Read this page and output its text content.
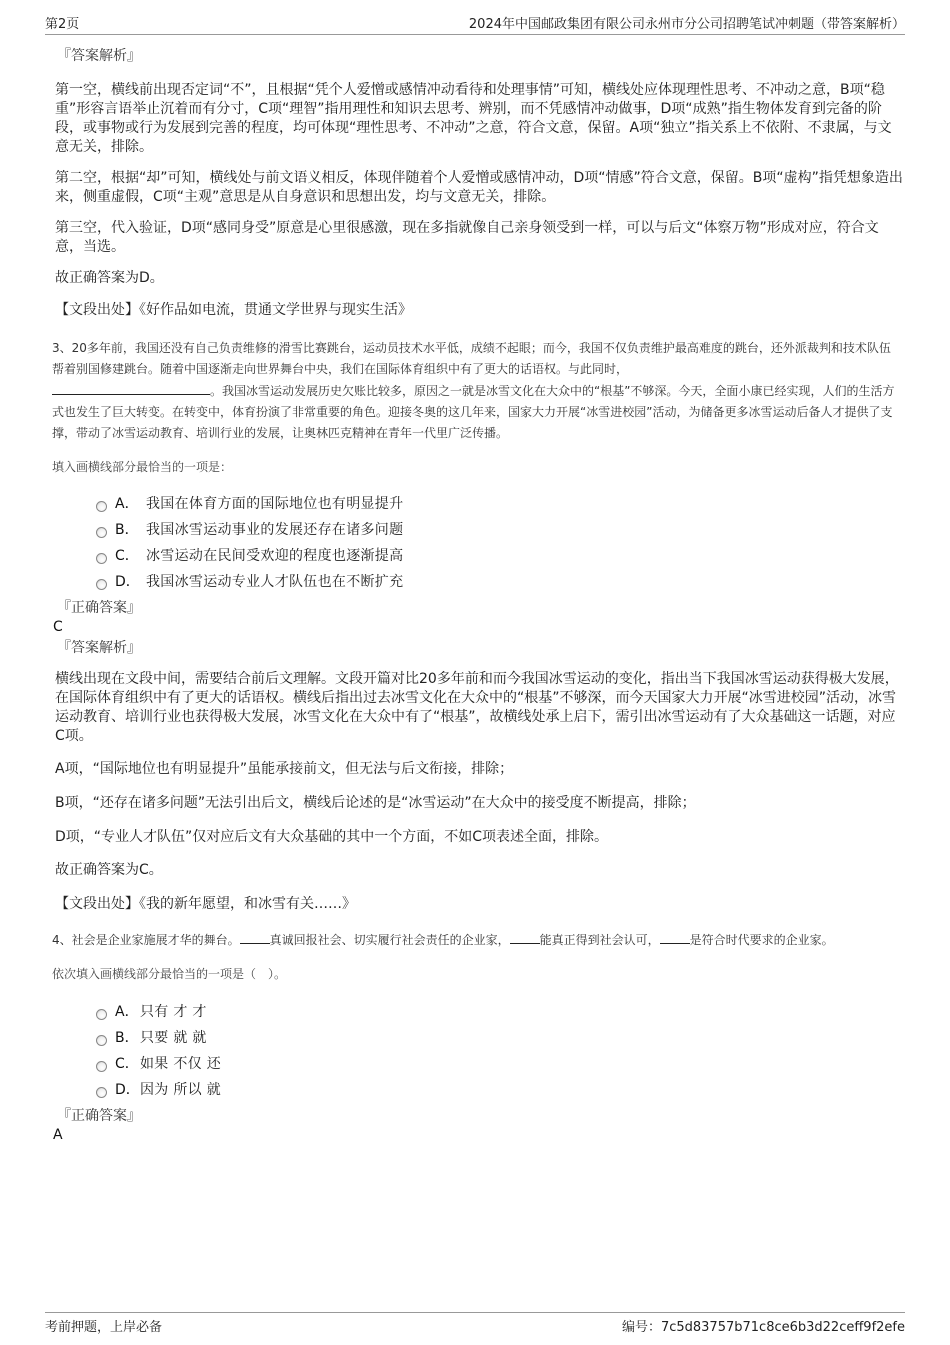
第2页	2024年中国邮政集团有限公司永州市分公司招聘笔试冲刺题（带答案解析）

『答案解析』

第一空，横线前出现否定词“不”，且根据“凭个人爱憎或感情冲动看待和处理事情”可知，横线处应体现理性思考、不冲动之意，B项“稳重”形容言语举止沉着而有分寸，C项“理智”指用理性和知识去思考、辨别，而不凭感情冲动做事，D项“成熟”指生物体发育到完备的阶段，或事物或行为发展到完善的程度，均可体现“理性思考、不冲动”之意，符合文意，保留。A项“独立”指关系上不依附、不隶属，与文意无关，排除。

第二空，根据“却”可知，横线处与前文语义相反，体现伴随着个人爱憎或感情冲动，D项“情感”符合文意，保留。B项“虚构”指凭想象造出来，侧重虚假，C项“主观”意思是从自身意识和思想出发，均与文意无关，排除。

第三空，代入验证，D项“感同身受”原意是心里很感激，现在多指就像自己亲身领受到一样，可以与后文“体察万物”形成对应，符合文意，当选。

故正确答案为D。

【文段出处】《好作品如电流，贯通文学世界与现实生活》

3、20多年前，我国还没有自己负责维修的滑雪比赛跳台，运动员技术水平低，成绩不起眼；而今，我国不仅负责维护最高难度的跳台，还外派裁判和技术队伍帮着别国修建跳台。随着中国逐渐走向世界舞台中央，我们在国际体育组织中有了更大的话语权。与此同时，
。我国冰雪运动发展历史欠账比较多，原因之一就是冰雪文化在大众中的“根基”不够深。今天，全面小康已经实现，人们的生活方式也发生了巨大转变。在转变中，体育扮演了非常重要的角色。迎接冬奥的这几年来，国家大力开展“冰雪进校园”活动，为储备更多冰雪运动后备人才提供了支撑，带动了冰雪运动教育、培训行业的发展，让奥林匹克精神在青年一代里广泛传播。

填入画横线部分最恰当的一项是：

A． 我国在体育方面的国际地位也有明显提升
B． 我国冰雪运动事业的发展还存在诸多问题
C． 冰雪运动在民间受欢迎的程度也逐渐提高
D． 我国冰雪运动专业人才队伍也在不断扩充

『正确答案』

C

『答案解析』

横线出现在文段中间，需要结合前后文理解。文段开篇对比20多年前和而今我国冰雪运动的变化，指出当下我国冰雪运动获得极大发展，在国际体育组织中有了更大的话语权。横线后指出过去冰雪文化在大众中的“根基”不够深，而今天国家大力开展“冰雪进校园”活动，冰雪运动教育、培训行业也获得极大发展，冰雪文化在大众中有了“根基”，故横线处承上启下，需引出冰雪运动有了大众基础这一话题，对应C项。

A项，“国际地位也有明显提升”虽能承接前文，但无法与后文衔接，排除；

B项，“还存在诸多问题”无法引出后文，横线后论述的是“冰雪运动”在大众中的接受度不断提高，排除；

D项，“专业人才队伍”仅对应后文有大众基础的其中一个方面，不如C项表述全面，排除。

故正确答案为C。

【文段出处】《我的新年愿望，和冰雪有关……》

4、社会是企业家施展才华的舞台。	真诚回报社会、切实履行社会责任的企业家，	能真正得到社会认可，	是符合时代要求的企业家。

依次填入画横线部分最恰当的一项是（　）。

A． 只有 才 才
B． 只要 就 就
C． 如果 不仅 还
D． 因为 所以 就

『正确答案』

A

考前押题，上岸必备	编号：7c5d83757b71c8ce6b3d22ceff9f2efe
